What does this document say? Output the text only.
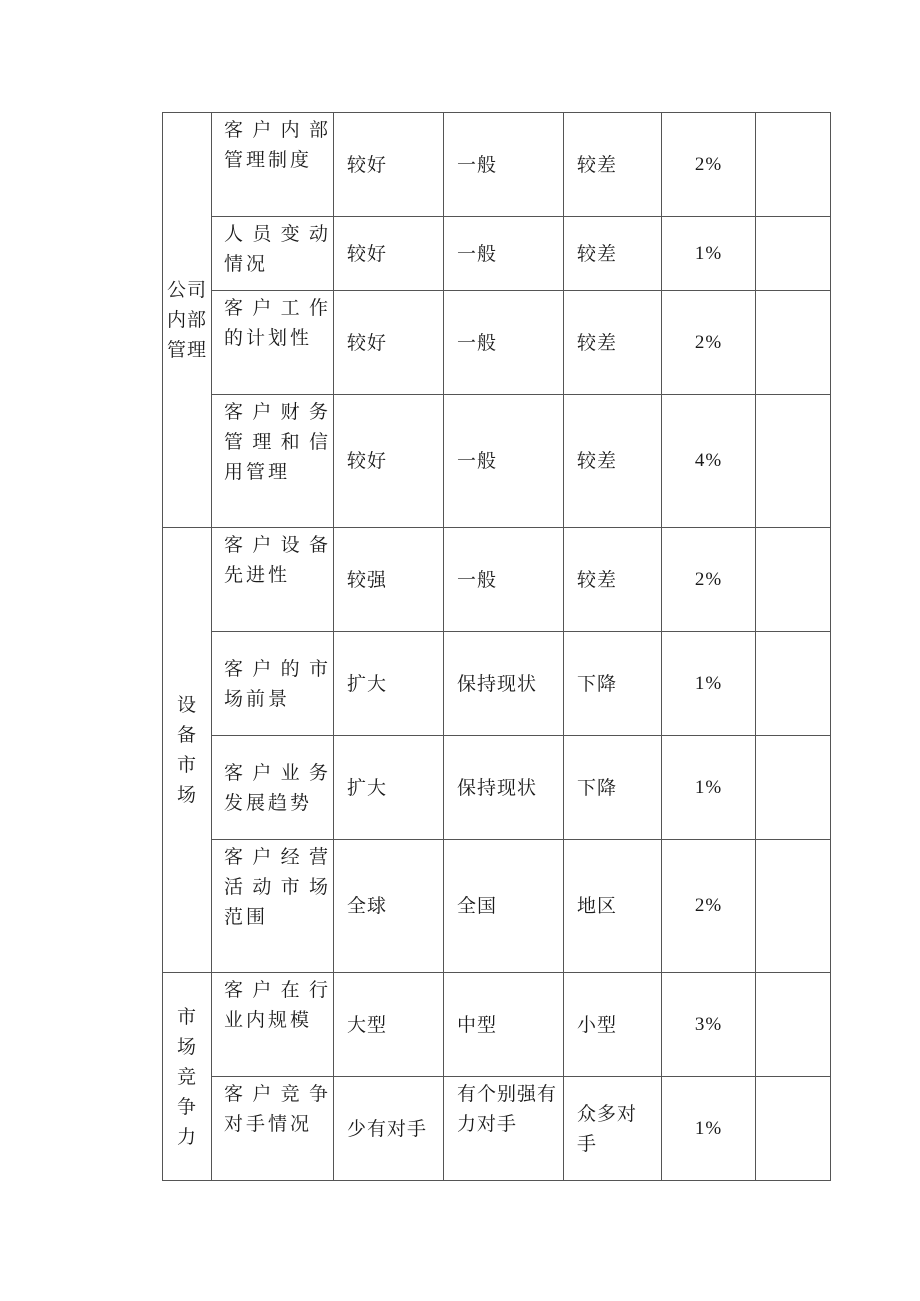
公司内部管理	客户内部管理制度	较好	一般	较差	2%	
	人员变动情况	较好	一般	较差	1%	
	客户工作的计划性	较好	一般	较差	2%	
	客户财务管理和信用管理	较好	一般	较差	4%	
设备市场	客户设备先进性	较强	一般	较差	2%	
	客户的市场前景	扩大	保持现状	下降	1%	
	客户业务发展趋势	扩大	保持现状	下降	1%	
	客户经营活动市场范围	全球	全国	地区	2%	
市场竞争力	客户在行业内规模	大型	中型	小型	3%	
	客户竞争对手情况	少有对手	有个别强有力对手	众多对手	1%	
